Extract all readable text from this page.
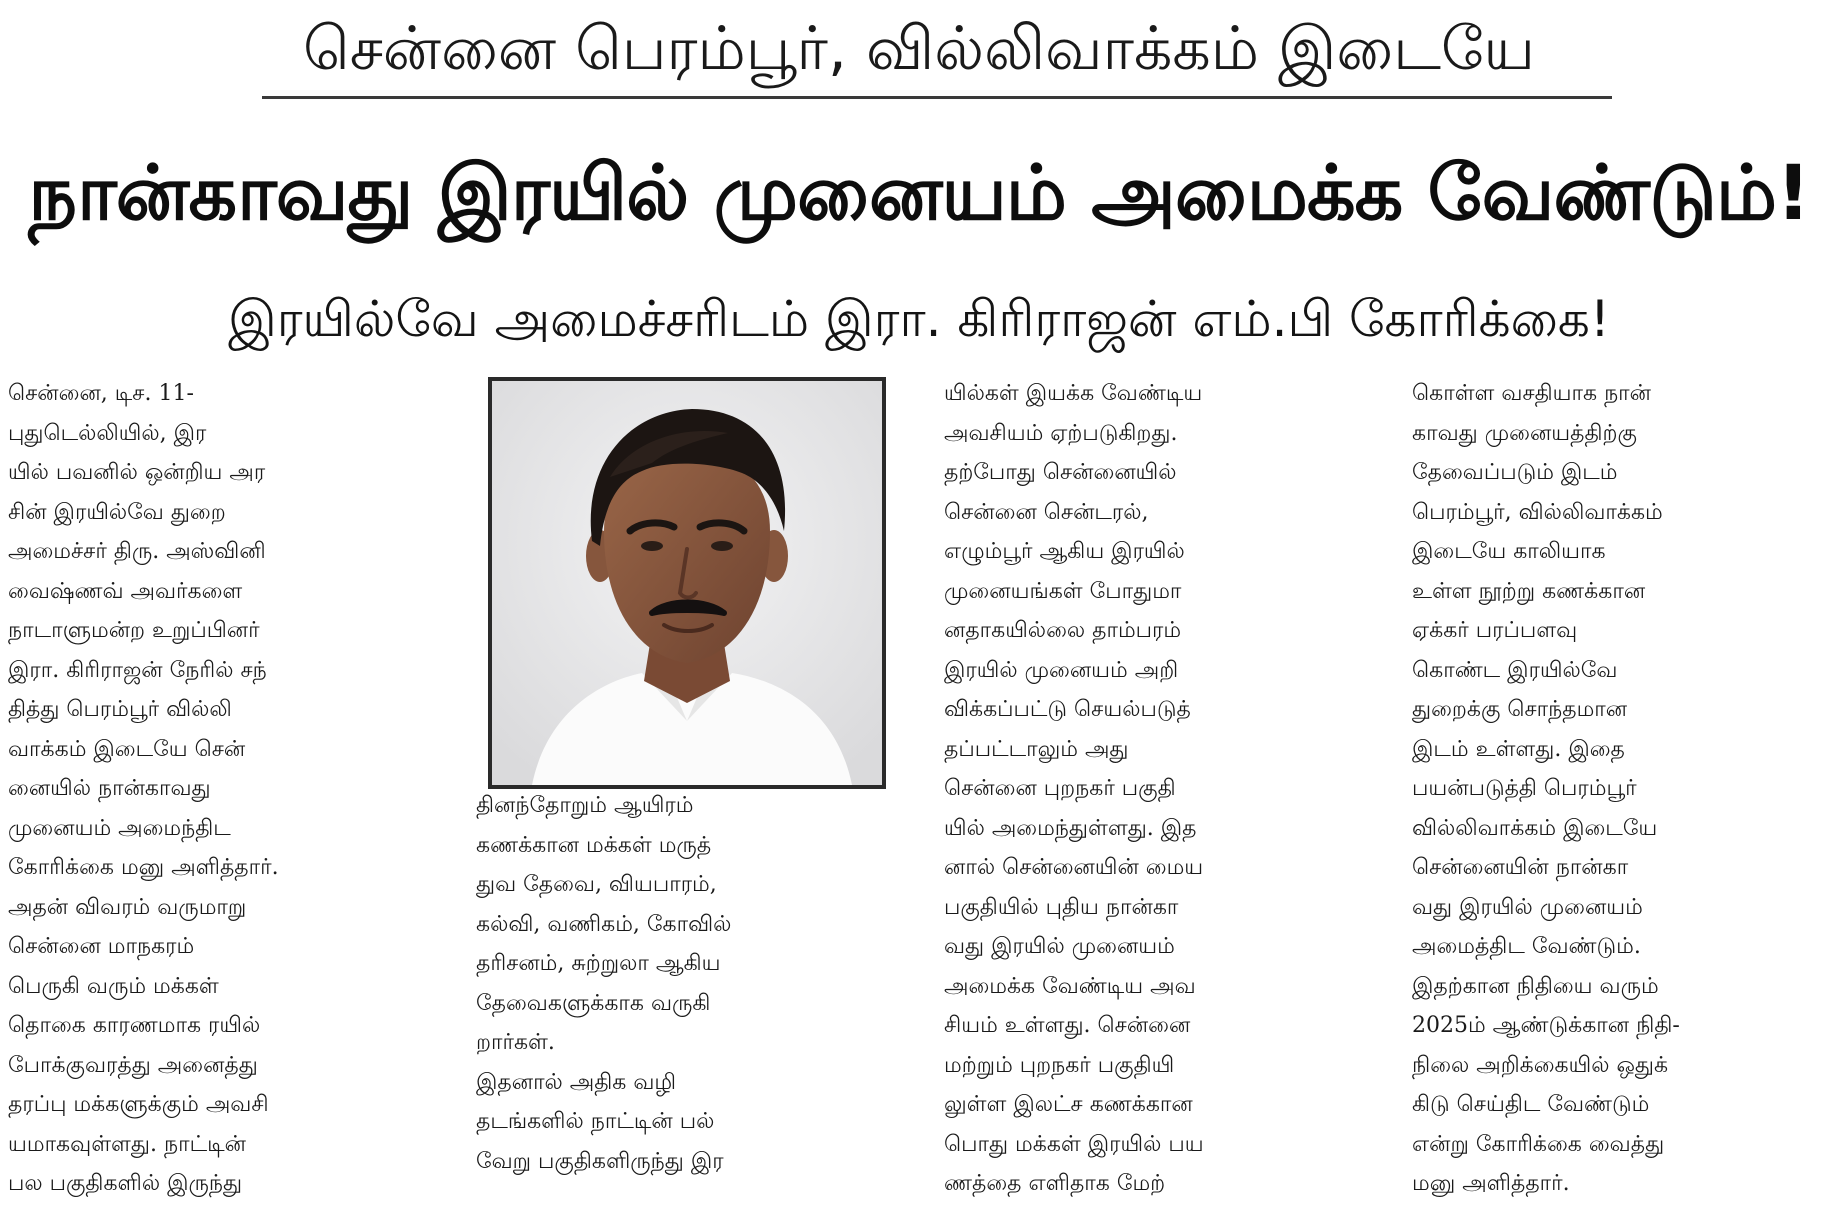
சென்னை பெரம்பூர், வில்லிவாக்கம் இடையே
நான்காவது இரயில் முனையம் அமைக்க வேண்டும்!
இரயில்வே அமைச்சரிடம் இரா. கிரிராஜன் எம்.பி கோரிக்கை!
சென்னை, டிச. 11-
புதுடெல்லியில், இர
யில் பவனில் ஒன்றிய அர
சின் இரயில்வே துறை
அமைச்சர் திரு. அஸ்வினி
வைஷ்ணவ் அவர்களை
நாடாளுமன்ற உறுப்பினர்
இரா. கிரிராஜன் நேரில் சந்
தித்து பெரம்பூர் வில்லி
வாக்கம் இடையே சென்
னையில் நான்காவது
முனையம் அமைந்திட
கோரிக்கை மனு அளித்தார்.
அதன் விவரம் வருமாறு
சென்னை மாநகரம்
பெருகி வரும் மக்கள்
தொகை காரணமாக ரயில்
போக்குவரத்து அனைத்து
தரப்பு மக்களுக்கும் அவசி
யமாகவுள்ளது. நாட்டின்
பல பகுதிகளில் இருந்து
தினந்தோறும் ஆயிரம்
கணக்கான மக்கள் மருத்
துவ தேவை, வியபாரம்,
கல்வி, வணிகம், கோவில்
தரிசனம், சுற்றுலா ஆகிய
தேவைகளுக்காக வருகி
றார்கள்.
இதனால் அதிக வழி
தடங்களில் நாட்டின் பல்
வேறு பகுதிகளிருந்து இர
யில்கள் இயக்க வேண்டிய
அவசியம் ஏற்படுகிறது.
தற்போது சென்னையில்
சென்னை சென்டரல்,
எழும்பூர் ஆகிய இரயில்
முனையங்கள் போதுமா
னதாகயில்லை தாம்பரம்
இரயில் முனையம் அறி
விக்கப்பட்டு செயல்படுத்
தப்பட்டாலும் அது
சென்னை புறநகர் பகுதி
யில் அமைந்துள்ளது. இத
னால் சென்னையின் மைய
பகுதியில் புதிய நான்கா
வது இரயில் முனையம்
அமைக்க வேண்டிய அவ
சியம் உள்ளது. சென்னை
மற்றும் புறநகர் பகுதியி
லுள்ள இலட்ச கணக்கான
பொது மக்கள் இரயில் பய
ணத்தை எளிதாக மேற்
கொள்ள வசதியாக நான்
காவது முனையத்திற்கு
தேவைப்படும் இடம்
பெரம்பூர், வில்லிவாக்கம்
இடையே காலியாக
உள்ள நூற்று கணக்கான
ஏக்கர் பரப்பளவு
கொண்ட இரயில்வே
துறைக்கு சொந்தமான
இடம் உள்ளது. இதை
பயன்படுத்தி பெரம்பூர்
வில்லிவாக்கம் இடையே
சென்னையின் நான்கா
வது இரயில் முனையம்
அமைத்திட வேண்டும்.
இதற்கான நிதியை வரும்
2025ம் ஆண்டுக்கான நிதி-
நிலை அறிக்கையில் ஒதுக்
கிடு செய்திட வேண்டும்
என்று கோரிக்கை வைத்து
மனு அளித்தார்.
